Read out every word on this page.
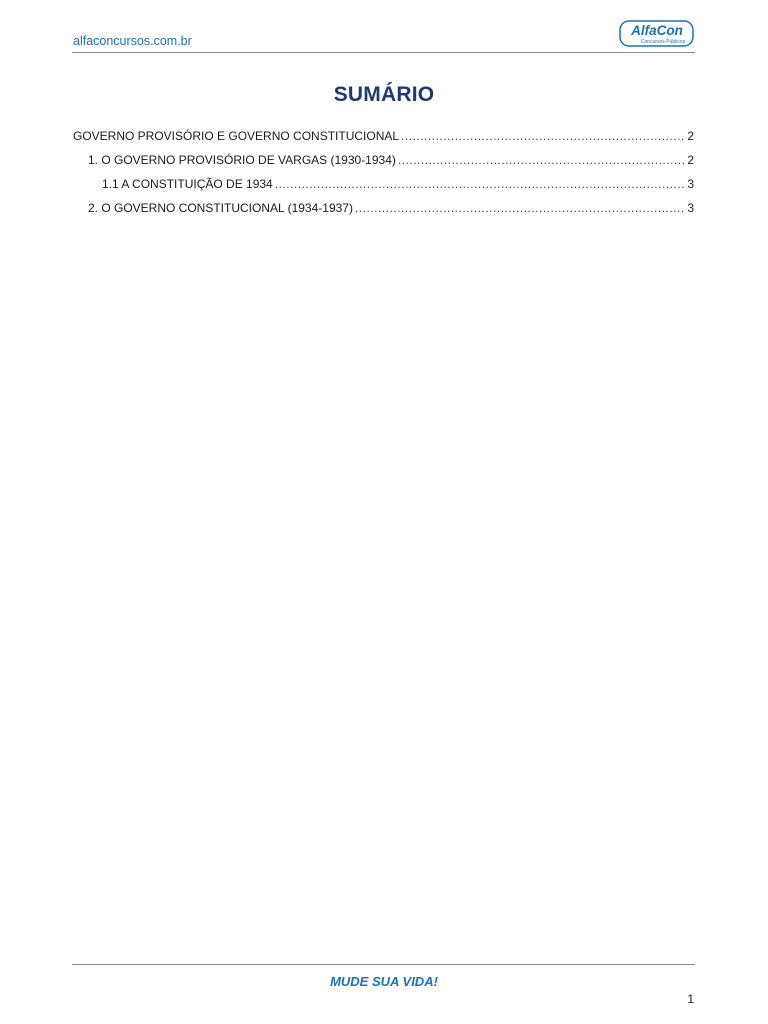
alfaconcursos.com.br
AlfaCon
Concursos Públicos
SUMÁRIO
GOVERNO PROVISÓRIO E GOVERNO CONSTITUCIONAL .....	2
1. O GOVERNO PROVISÓRIO DE VARGAS (1930-1934) .....	2
1.1 A CONSTITUIÇÃO DE 1934 .....	3
2. O GOVERNO CONSTITUCIONAL (1934-1937) .....	3
MUDE SUA VIDA!
1
